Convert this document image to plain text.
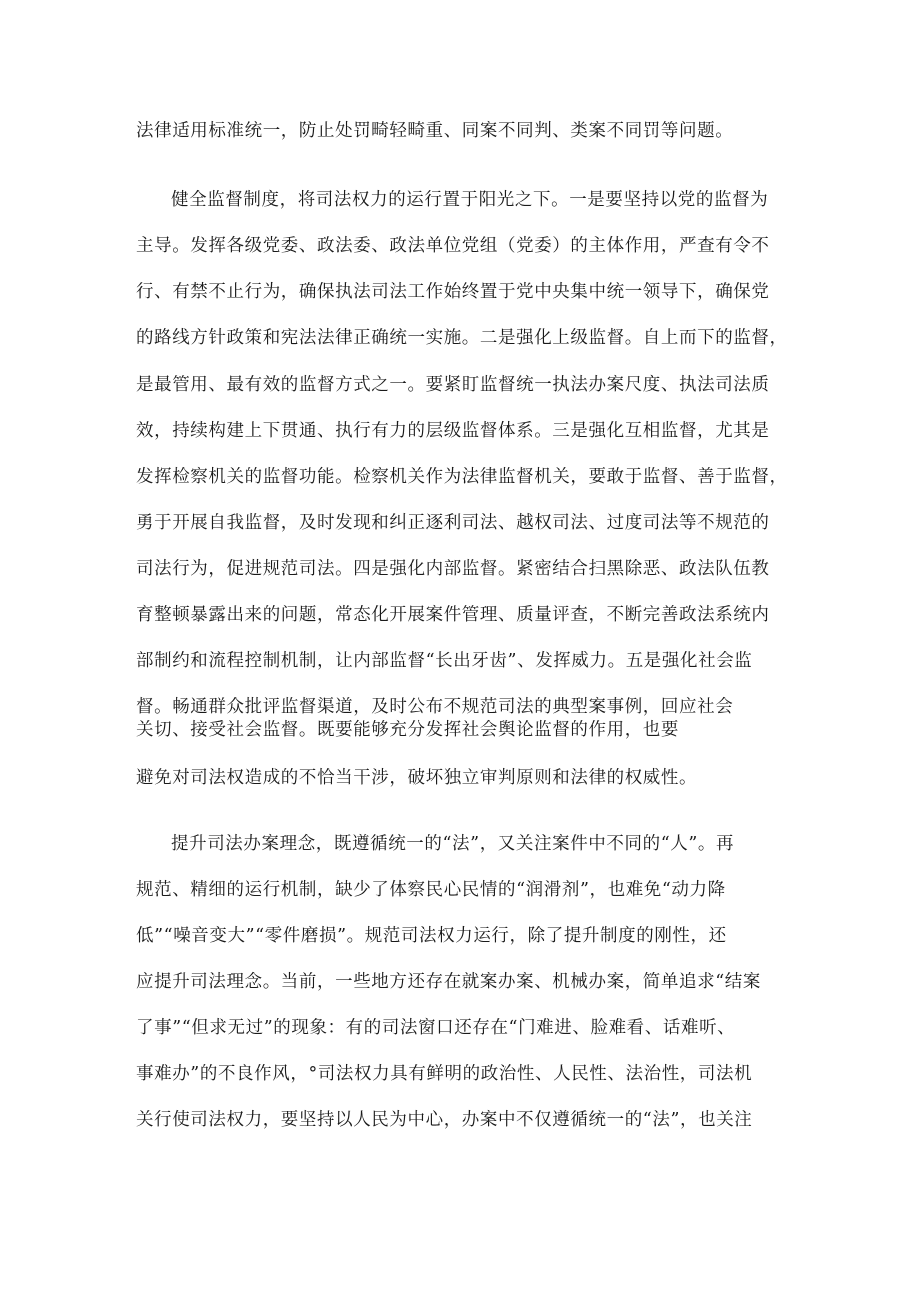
法律适用标准统一，防止处罚畸轻畸重、同案不同判、类案不同罚等问题。
健全监督制度，将司法权力的运行置于阳光之下。一是要坚持以党的监督为
主导。发挥各级党委、政法委、政法单位党组（党委）的主体作用，严查有令不
行、有禁不止行为，确保执法司法工作始终置于党中央集中统一领导下，确保党
的路线方针政策和宪法法律正确统一实施。二是强化上级监督。自上而下的监督，
是最管用、最有效的监督方式之一。要紧盯监督统一执法办案尺度、执法司法质
效，持续构建上下贯通、执行有力的层级监督体系。三是强化互相监督，尤其是
发挥检察机关的监督功能。检察机关作为法律监督机关，要敢于监督、善于监督，
勇于开展自我监督，及时发现和纠正逐利司法、越权司法、过度司法等不规范的
司法行为，促进规范司法。四是强化内部监督。紧密结合扫黑除恶、政法队伍教
育整顿暴露出来的问题，常态化开展案件管理、质量评查，不断完善政法系统内
部制约和流程控制机制，让内部监督“长出牙齿”、发挥威力。五是强化社会监
督。畅通群众批评监督渠道，及时公布不规范司法的典型案事例，回应社会
关切、接受社会监督。既要能够充分发挥社会舆论监督的作用，也要
避免对司法权造成的不恰当干涉，破坏独立审判原则和法律的权威性。
提升司法办案理念，既遵循统一的“法”，又关注案件中不同的“人”。再
规范、精细的运行机制，缺少了体察民心民情的“润滑剂”，也难免“动力降
低”“噪音变大”“零件磨损”。规范司法权力运行，除了提升制度的刚性，还
应提升司法理念。当前，一些地方还存在就案办案、机械办案，简单追求“结案
了事”“但求无过”的现象：有的司法窗口还存在“门难进、脸难看、话难听、
事难办”的不良作风，°司法权力具有鲜明的政治性、人民性、法治性，司法机
关行使司法权力，要坚持以人民为中心，办案中不仅遵循统一的“法”，也关注
